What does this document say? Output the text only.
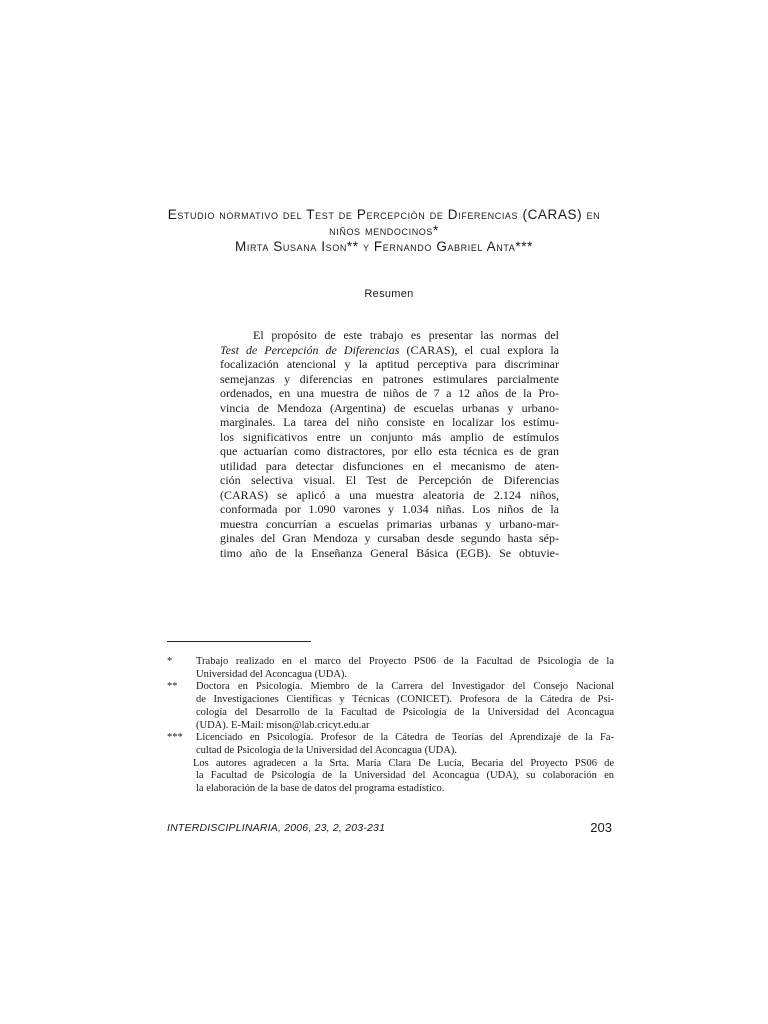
Estudio normativo del Test de Percepción de Diferencias (CARAS) en
niños mendocinos*
Mirta Susana Ison** y Fernando Gabriel Anta***
Resumen
El propósito de este trabajo es presentar las normas del
Test de Percepción de Diferencias (CARAS), el cual explora la
focalización atencional y la aptitud perceptiva para discriminar
semejanzas y diferencias en patrones estimulares parcialmente
ordenados, en una muestra de niños de 7 a 12 años de la Pro-
vincia de Mendoza (Argentina) de escuelas urbanas y urbano-
marginales. La tarea del niño consiste en localizar los estímu-
los significativos entre un conjunto más amplio de estímulos
que actuarían como distractores, por ello esta técnica es de gran
utilidad para detectar disfunciones en el mecanismo de aten-
ción selectiva visual. El Test de Percepción de Diferencias
(CARAS) se aplicó a una muestra aleatoria de 2.124 niños,
conformada por 1.090 varones y 1.034 niñas. Los niños de la
muestra concurrían a escuelas primarias urbanas y urbano-mar-
ginales del Gran Mendoza y cursaban desde segundo hasta sép-
timo año de la Enseñanza General Básica (EGB). Se obtuvie-
* Trabajo realizado en el marco del Proyecto PS06 de la Facultad de Psicología de la
Universidad del Aconcagua (UDA).
** Doctora en Psicología. Miembro de la Carrera del Investigador del Consejo Nacional
de Investigaciones Científicas y Técnicas (CONICET). Profesora de la Cátedra de Psi-
cología del Desarrollo de la Facultad de Psicología de la Universidad del Aconcagua
(UDA). E-Mail: mison@lab.cricyt.edu.ar
*** Licenciado en Psicología. Profesor de la Cátedra de Teorías del Aprendizaje de la Fa-
cultad de Psicología de la Universidad del Aconcagua (UDA).
Los autores agradecen a la Srta. María Clara De Lucía, Becaria del Proyecto PS06 de
la Facultad de Psicología de la Universidad del Aconcagua (UDA), su colaboración en
la elaboración de la base de datos del programa estadístico.
INTERDISCIPLINARIA, 2006, 23, 2, 203-231	203
